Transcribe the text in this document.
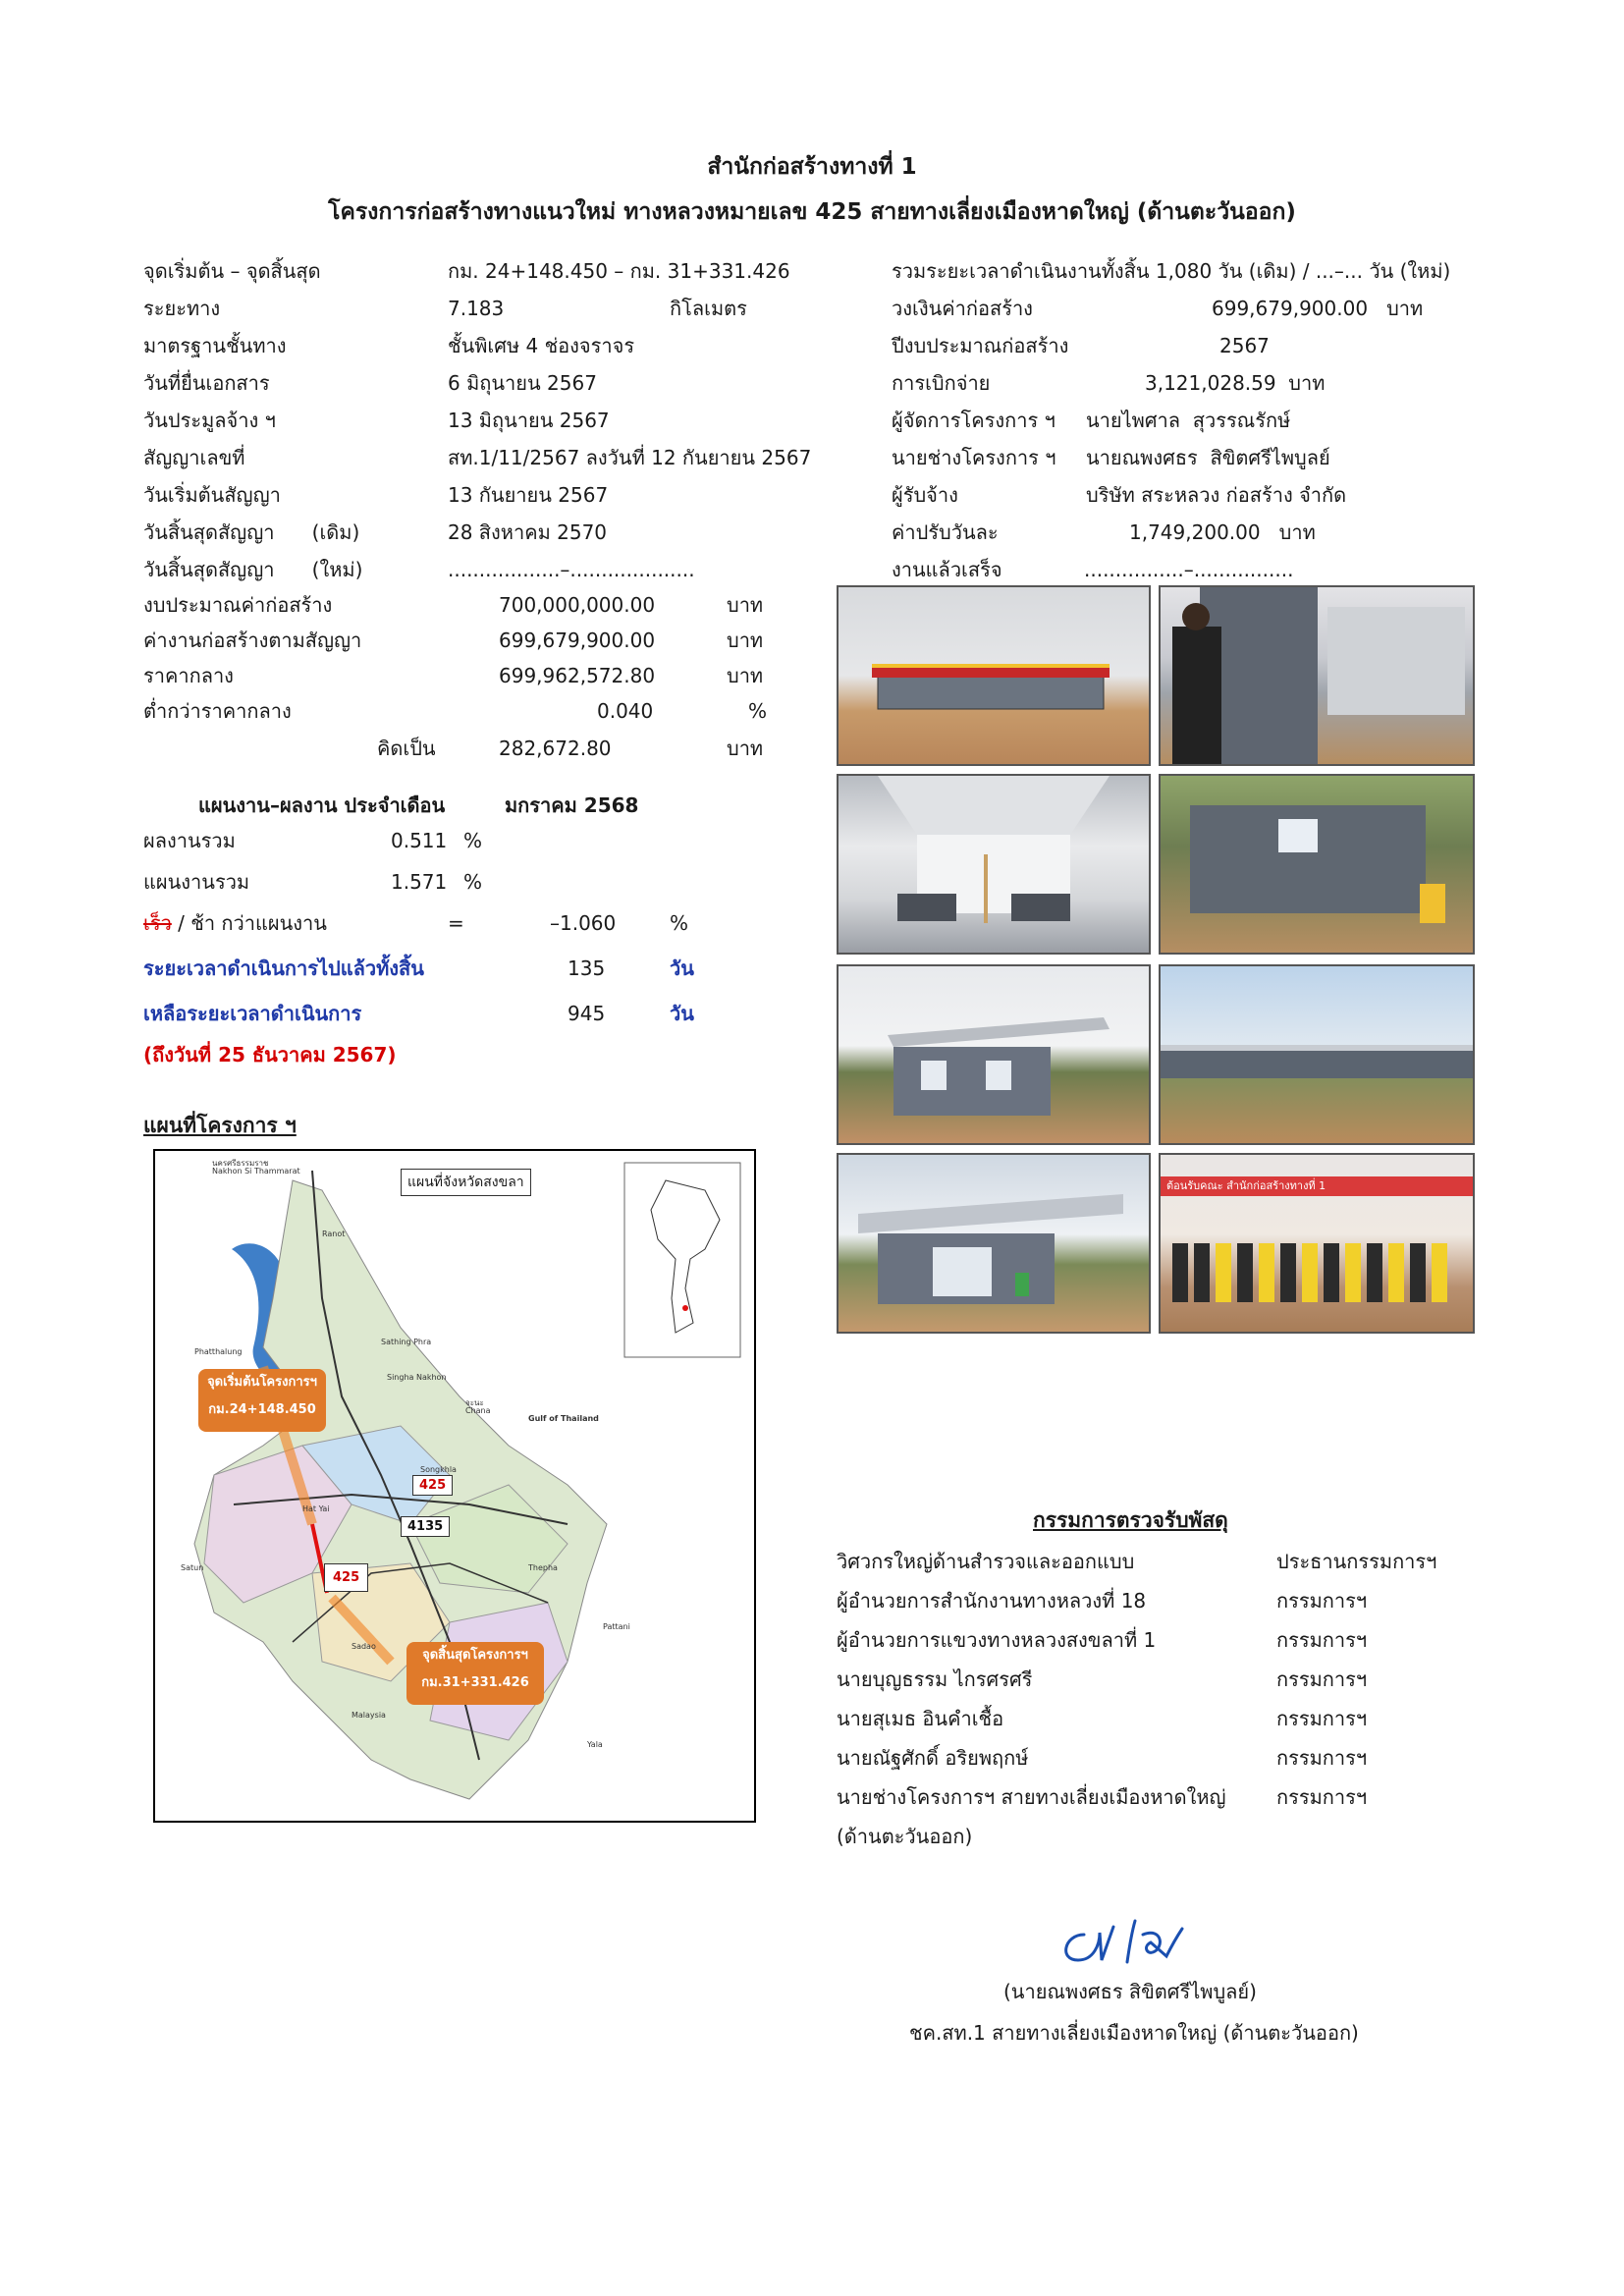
สำนักก่อสร้างทางที่ 1
โครงการก่อสร้างทางแนวใหม่ ทางหลวงหมายเลข 425 สายทางเลี่ยงเมืองหาดใหญ่ (ด้านตะวันออก)
จุดเริ่มต้น – จุดสิ้นสุด	กม. 24+148.450 – กม. 31+331.426
ระยะทาง	7.183	กิโลเมตร
มาตรฐานชั้นทาง	ชั้นพิเศษ 4 ช่องจราจร
วันที่ยื่นเอกสาร	6 มิถุนายน 2567
วันประมูลจ้าง ฯ	13 มิถุนายน 2567
สัญญาเลขที่	สท.1/11/2567 ลงวันที่ 12 กันยายน 2567
วันเริ่มต้นสัญญา	13 กันยายน 2567
วันสิ้นสุดสัญญา      (เดิม)	28 สิงหาคม 2570
วันสิ้นสุดสัญญา      (ใหม่)	..................–....................
งบประมาณค่าก่อสร้าง	700,000,000.00	บาท
ค่างานก่อสร้างตามสัญญา	699,679,900.00	บาท
ราคากลาง	699,962,572.80	บาท
ต่ำกว่าราคากลาง	0.040	%
คิดเป็น	282,672.80	บาท
รวมระยะเวลาดำเนินงานทั้งสิ้น 1,080 วัน (เดิม) / ...–... วัน (ใหม่)
วงเงินค่าก่อสร้าง	699,679,900.00   บาท
ปีงบประมาณก่อสร้าง	2567
การเบิกจ่าย	3,121,028.59  บาท
ผู้จัดการโครงการ ฯ นายไพศาล  สุวรรณรักษ์
นายช่างโครงการ ฯ นายณพงศธร  สิขิตศรีไพบูลย์
ผู้รับจ้าง	บริษัท สระหลวง ก่อสร้าง จำกัด
ค่าปรับวันละ	1,749,200.00   บาท
งานแล้วเสร็จ	................–................
แผนงาน–ผลงาน ประจำเดือน	มกราคม 2568
ผลงานรวม	0.511 %
แผนงานรวม	1.571 %
เร็ว / ช้า กว่าแผนงาน	=	–1.060	%
ระยะเวลาดำเนินการไปแล้วทั้งสิ้น	135	วัน
เหลือระยะเวลาดำเนินการ	945	วัน
(ถึงวันที่ 25 ธันวาคม 2567)
แผนที่โครงการ ฯ
แผนที่จังหวัดสงขลา
จุดเริ่มต้นโครงการฯ
กม.24+148.450
425
4135
425
จุดสิ้นสุดโครงการฯ
กม.31+331.426
นครศรีธรรมราช
Nakhon Si Thammarat
Gulf of Thailand
จะนะ
Chana
Malaysia
Songkhla
Hat Yai
Sadao
Satun
Pattani
Yala
Ranot
Sathing Phra
Singha Nakhon
Phatthalung
Thepha
ต้อนรับคณะ สำนักก่อสร้างทางที่ 1
กรรมการตรวจรับพัสดุ
วิศวกรใหญ่ด้านสำรวจและออกแบบ	ประธานกรรมการฯ
ผู้อำนวยการสำนักงานทางหลวงที่ 18	กรรมการฯ
ผู้อำนวยการแขวงทางหลวงสงขลาที่ 1	กรรมการฯ
นายบุญธรรม ไกรศรศรี	กรรมการฯ
นายสุเมธ อินคำเชื้อ	กรรมการฯ
นายณัฐศักดิ์ อริยพฤกษ์	กรรมการฯ
นายช่างโครงการฯ สายทางเลี่ยงเมืองหาดใหญ่	กรรมการฯ
(ด้านตะวันออก)
(นายณพงศธร สิขิตศรีไพบูลย์)
ชค.สท.1 สายทางเลี่ยงเมืองหาดใหญ่ (ด้านตะวันออก)
